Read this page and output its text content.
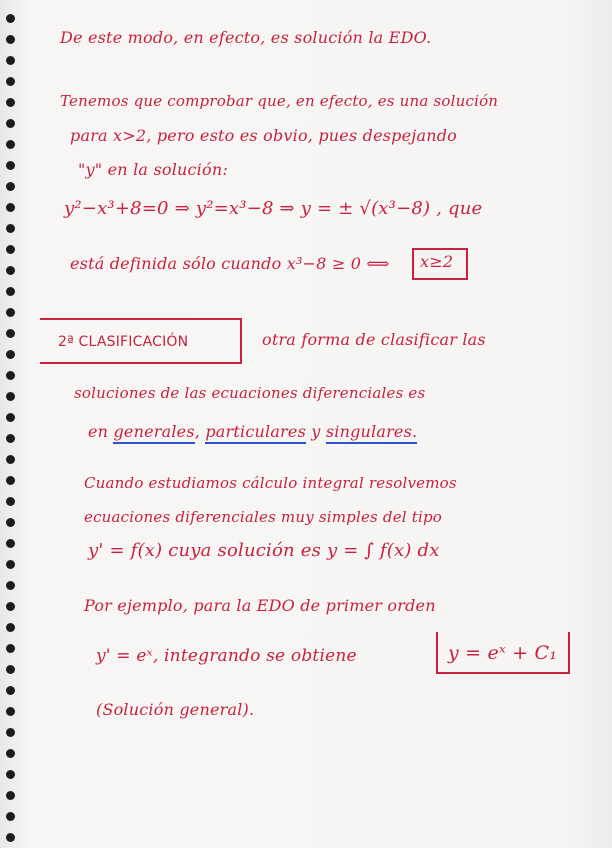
De este modo, en efecto, es solución la EDO.
Tenemos que comprobar que, en efecto, es una solución
para x>2, pero esto es obvio, pues despejando
"y" en la solución:
y²−x³+8=0 ⇒ y²=x³−8 ⇒ y = ± √(x³−8) , que
está definida sólo cuando x³−8 ≥ 0 ⟺ x≥2
2ª CLASIFICACIÓN	otra forma de clasificar las
soluciones de las ecuaciones diferenciales es
en generales, particulares y singulares.
Cuando estudiamos cálculo integral resolvemos
ecuaciones diferenciales muy simples del tipo
y' = f(x) cuya solución es y = ∫ f(x) dx
Por ejemplo, para la EDO de primer orden
y' = eˣ, integrando se obtiene	y = eˣ + C₁
(Solución general).
